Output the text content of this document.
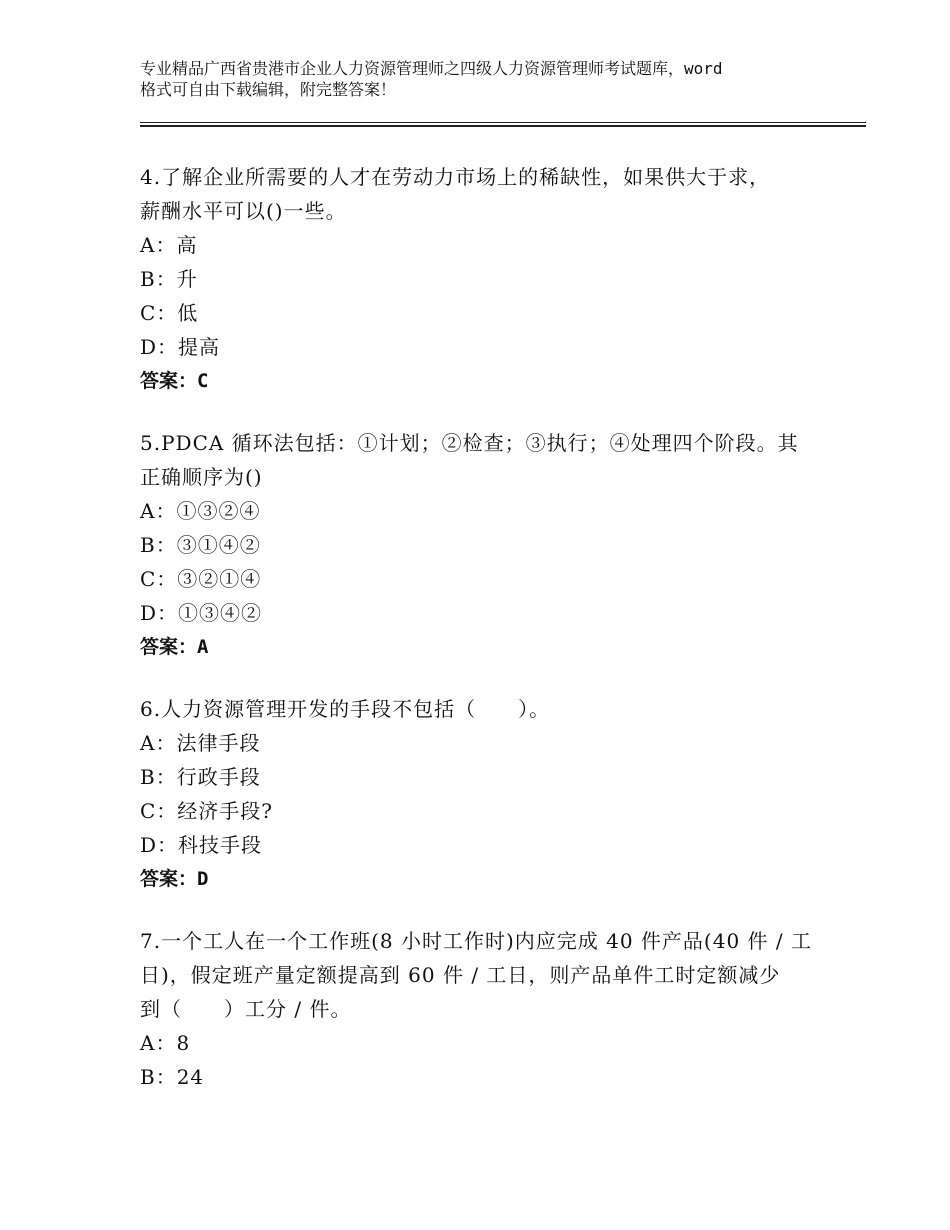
专业精品广西省贵港市企业人力资源管理师之四级人力资源管理师考试题库，word
格式可自由下载编辑，附完整答案！
4.了解企业所需要的人才在劳动力市场上的稀缺性，如果供大于求，
薪酬水平可以()一些。
A：高
B：升
C：低
D：提高
答案：C
5.PDCA 循环法包括：①计划；②检查；③执行；④处理四个阶段。其
正确顺序为()
A：①③②④
B：③①④②
C：③②①④
D：①③④②
答案：A
6.人力资源管理开发的手段不包括（　　）。
A：法律手段
B：行政手段
C：经济手段?
D：科技手段
答案：D
7.一个工人在一个工作班(8 小时工作时)内应完成 40 件产品(40 件 / 工
日)，假定班产量定额提高到 60 件 / 工日，则产品单件工时定额减少
到（　　）工分 / 件。
A：8
B：24
